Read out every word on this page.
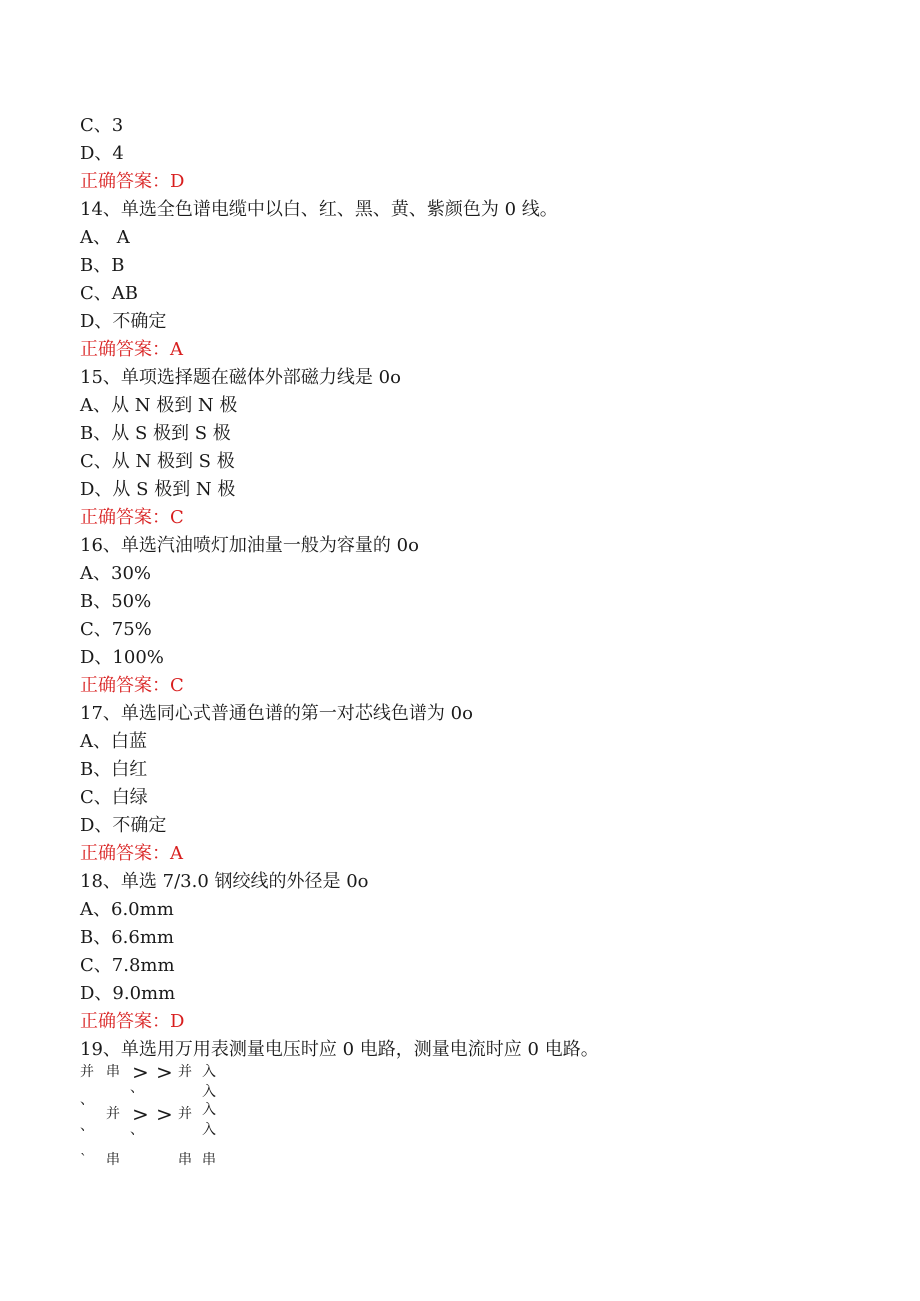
C、3
D、4
正确答案：D
14、单选全色谱电缆中以白、红、黑、黄、紫颜色为 0 线。
A、 A
B、B
C、AB
D、不确定
正确答案：A
15、单项选择题在磁体外部磁力线是 0o
A、从 N 极到 N 极
B、从 S 极到 S 极
C、从 N 极到 S 极
D、从 S 极到 N 极
正确答案：C
16、单选汽油喷灯加油量一般为容量的 0o
A、30%
B、50%
C、75%
D、100%
正确答案：C
17、单选同心式普通色谱的第一对芯线色谱为 0o
A、白蓝
B、白红
C、白绿
D、不确定
正确答案：A
18、单选 7/3.0 钢绞线的外径是 0o
A、6.0mm
B、6.6mm
C、7.8mm
D、9.0mm
正确答案：D
19、单选用万用表测量电压时应 0 电路，测量电流时应 0 电路。
并 串 > > 并 入
入
、
并 > > 并 入
入
、
、
、
` 串	串 串
